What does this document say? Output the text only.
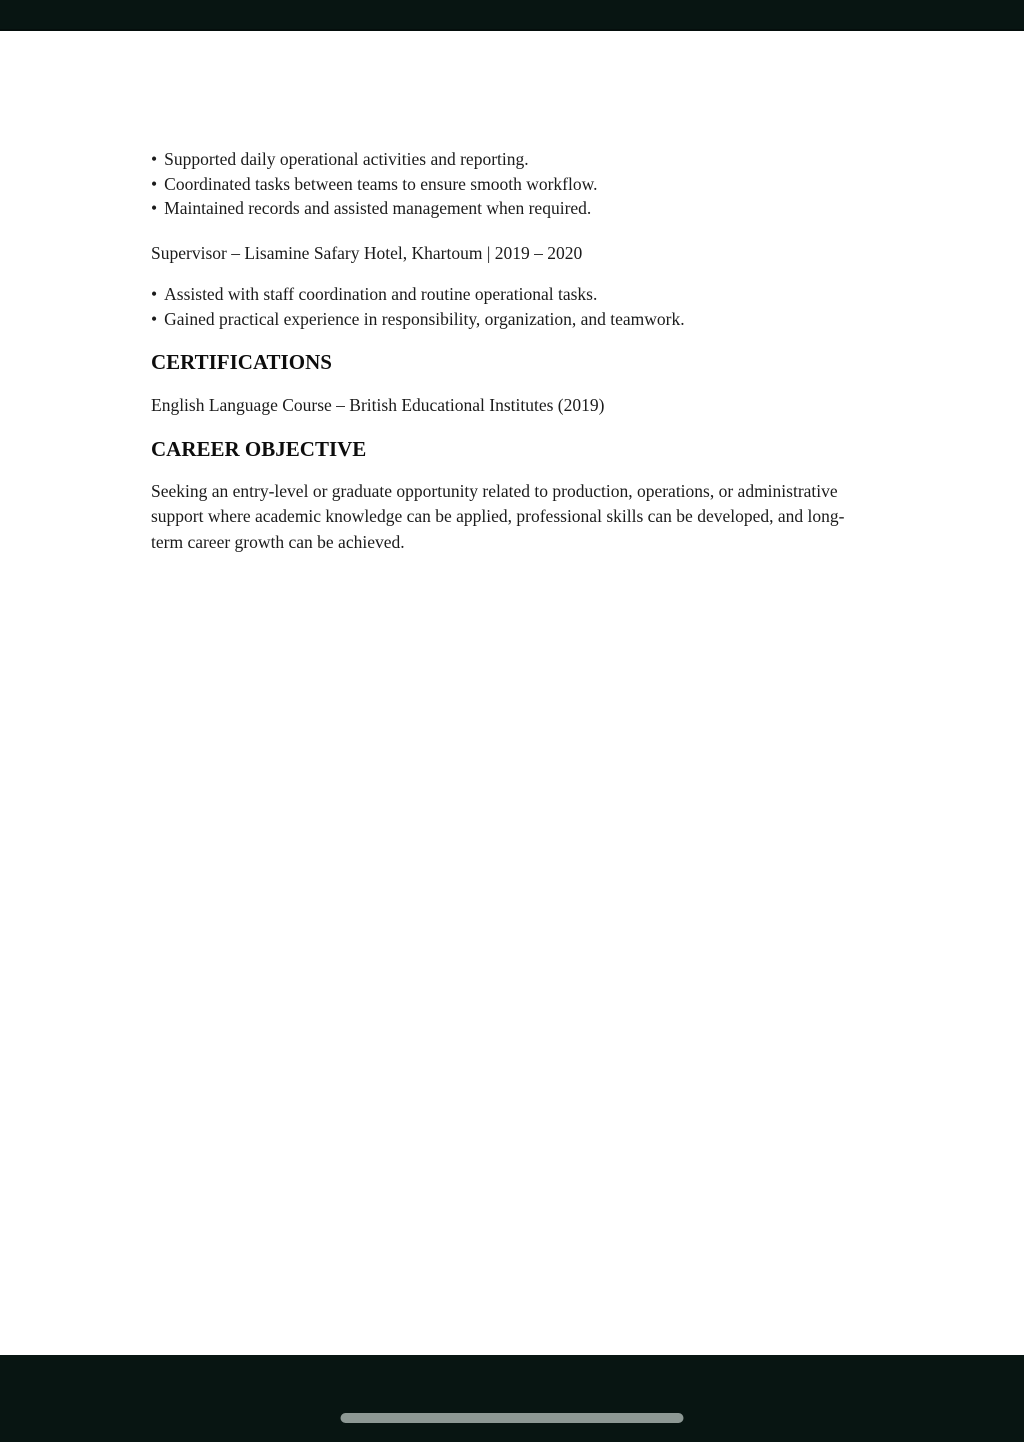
• Supported daily operational activities and reporting.
• Coordinated tasks between teams to ensure smooth workflow.
• Maintained records and assisted management when required.
Supervisor – Lisamine Safary Hotel, Khartoum | 2019 – 2020
• Assisted with staff coordination and routine operational tasks.
• Gained practical experience in responsibility, organization, and teamwork.
CERTIFICATIONS
English Language Course – British Educational Institutes (2019)
CAREER OBJECTIVE
Seeking an entry-level or graduate opportunity related to production, operations, or administrative support where academic knowledge can be applied, professional skills can be developed, and long-term career growth can be achieved.
